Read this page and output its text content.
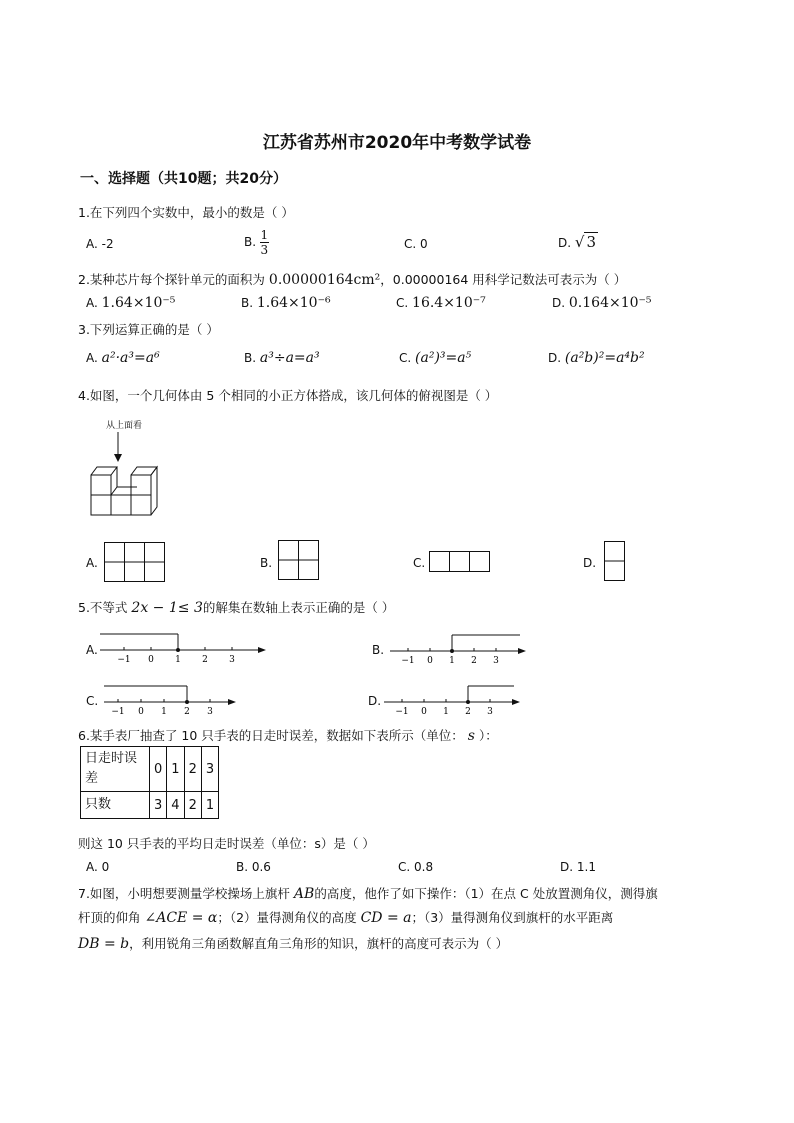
江苏省苏州市2020年中考数学试卷
一、选择题（共10题；共20分）
1.在下列四个实数中，最小的数是（ ）
A. -2	B. $\frac{1}{3}$	C. 0	D. √ 3
2.某种芯片每个探针单元的面积为 0.00000164cm²，0.00000164 用科学记数法可表示为（ ）
A. 1.64×10⁻⁵	B. 1.64×10⁻⁶	C. 16.4×10⁻⁷	D. 0.164×10⁻⁵
3.下列运算正确的是（ ）
A. a²·a³=a⁶	B. a³÷a=a³	C. (a²)³=a⁵	D. (a²b)²=a⁴b²
4.如图，一个几何体由 5 个相同的小正方体搭成，该几何体的俯视图是（ ）
从上面看
A.	B.	C.	D.
5.不等式 2x − 1≤ 3的解集在数轴上表示正确的是（ ）
A.	B.
C.	D.
−1 0 1 2 3	−1 0 1 2 3
−1 0 1 2 3	−1 0 1 2 3
6.某手表厂抽查了 10 只手表的日走时误差，数据如下表所示（单位： s ）：
日走时误差	0	1	2	3
只数	3	4	2	1
则这 10 只手表的平均日走时误差（单位：s）是（ ）
A. 0	B. 0.6	C. 0.8	D. 1.1
7.如图，小明想要测量学校操场上旗杆 AB的高度，他作了如下操作：（1）在点 C 处放置测角仪，测得旗
杆顶的仰角 ∠ACE = α；（2）量得测角仪的高度 CD = a；（3）量得测角仪到旗杆的水平距离
DB = b，利用锐角三角函数解直角三角形的知识，旗杆的高度可表示为（ ）
